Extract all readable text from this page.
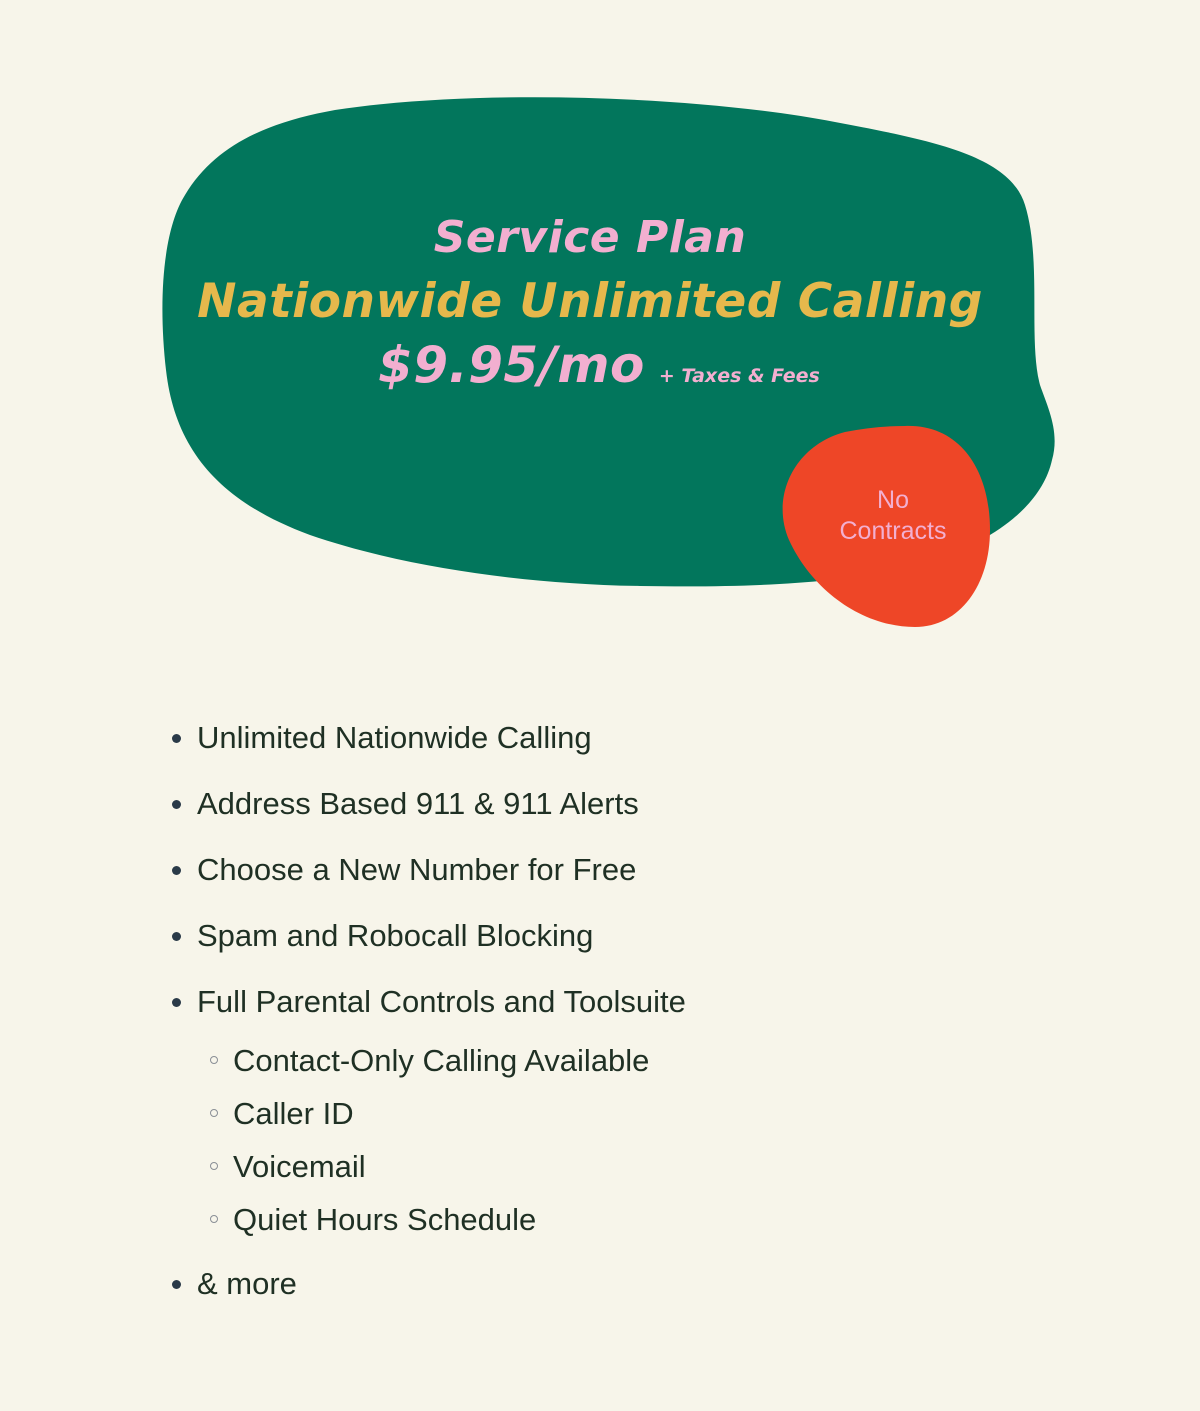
Service Plan
Nationwide Unlimited Calling
$9.95/mo + Taxes & Fees
No
Contracts
Unlimited Nationwide Calling
Address Based 911 & 911 Alerts
Choose a New Number for Free
Spam and Robocall Blocking
Full Parental Controls and Toolsuite
Contact-Only Calling Available
Caller ID
Voicemail
Quiet Hours Schedule
& more
